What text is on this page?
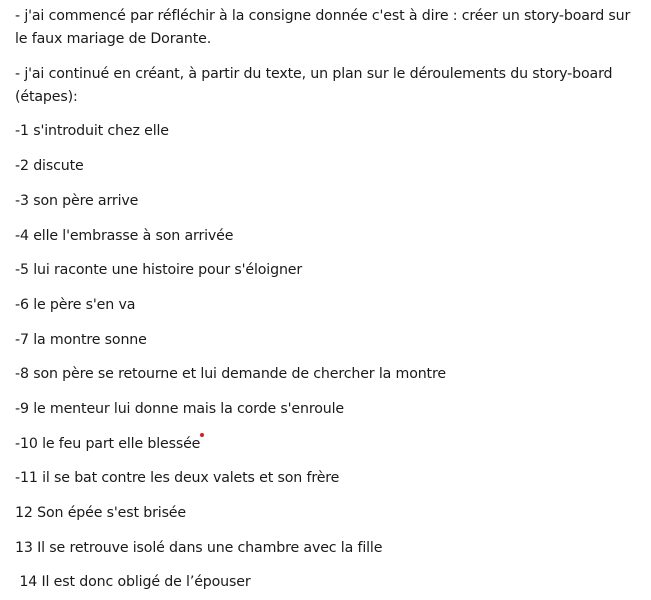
- j'ai commencé par réfléchir à la consigne donnée c'est à dire : créer un story-board sur le faux mariage de Dorante.

- j'ai continué en créant, à partir du texte, un plan sur le déroulements du story-board (étapes):

-1 s'introduit chez elle

-2 discute

-3 son père arrive

-4 elle l'embrasse à son arrivée

-5 lui raconte une histoire pour s'éloigner

-6 le père s'en va

-7 la montre sonne

-8 son père se retourne et lui demande de chercher la montre

-9 le menteur lui donne mais la corde s'enroule

-10 le feu part elle blessée

-11 il se bat contre les deux valets et son frère

12 Son épée s'est brisée

13 Il se retrouve isolé dans une chambre avec la fille

14 Il est donc obligé de l’épouser
